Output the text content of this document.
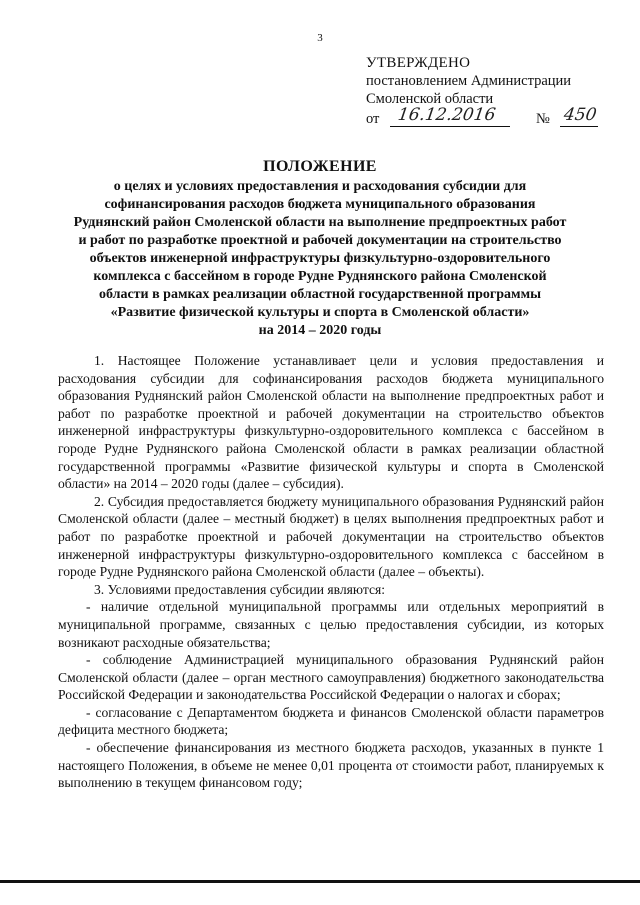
3
УТВЕРЖДЕНО
постановлением Администрации
Смоленской области
от 16.12.2016	№ 450
ПОЛОЖЕНИЕ
о целях и условиях предоставления и расходования субсидии для
софинансирования расходов бюджета муниципального образования
Руднянский район Смоленской области на выполнение предпроектных работ
и работ по разработке проектной и рабочей документации на строительство
объектов инженерной инфраструктуры физкультурно-оздоровительного
комплекса с бассейном в городе Рудне Руднянского района Смоленской
области в рамках реализации областной государственной программы
«Развитие физической культуры и спорта в Смоленской области»
на 2014 – 2020 годы

1. Настоящее Положение устанавливает цели и условия предоставления и расходования субсидии для софинансирования расходов бюджета муниципального образования Руднянский район Смоленской области на выполнение предпроектных работ и работ по разработке проектной и рабочей документации на строительство объектов инженерной инфраструктуры физкультурно-оздоровительного комплекса с бассейном в городе Рудне Руднянского района Смоленской области в рамках реализации областной государственной программы «Развитие физической культуры и спорта в Смоленской области» на 2014 – 2020 годы (далее – субсидия).

2. Субсидия предоставляется бюджету муниципального образования Руднянский район Смоленской области (далее – местный бюджет) в целях выполнения предпроектных работ и работ по разработке проектной и рабочей документации на строительство объектов инженерной инфраструктуры физкультурно-оздоровительного комплекса с бассейном в городе Рудне Руднянского района Смоленской области (далее – объекты).

3. Условиями предоставления субсидии являются:

- наличие отдельной муниципальной программы или отдельных мероприятий в муниципальной программе, связанных с целью предоставления субсидии, из которых возникают расходные обязательства;

- соблюдение Администрацией муниципального образования Руднянский район Смоленской области (далее – орган местного самоуправления) бюджетного законодательства Российской Федерации и законодательства Российской Федерации о налогах и сборах;

- согласование с Департаментом бюджета и финансов Смоленской области параметров дефицита местного бюджета;

- обеспечение финансирования из местного бюджета расходов, указанных в пункте 1 настоящего Положения, в объеме не менее 0,01 процента от стоимости работ, планируемых к выполнению в текущем финансовом году;
